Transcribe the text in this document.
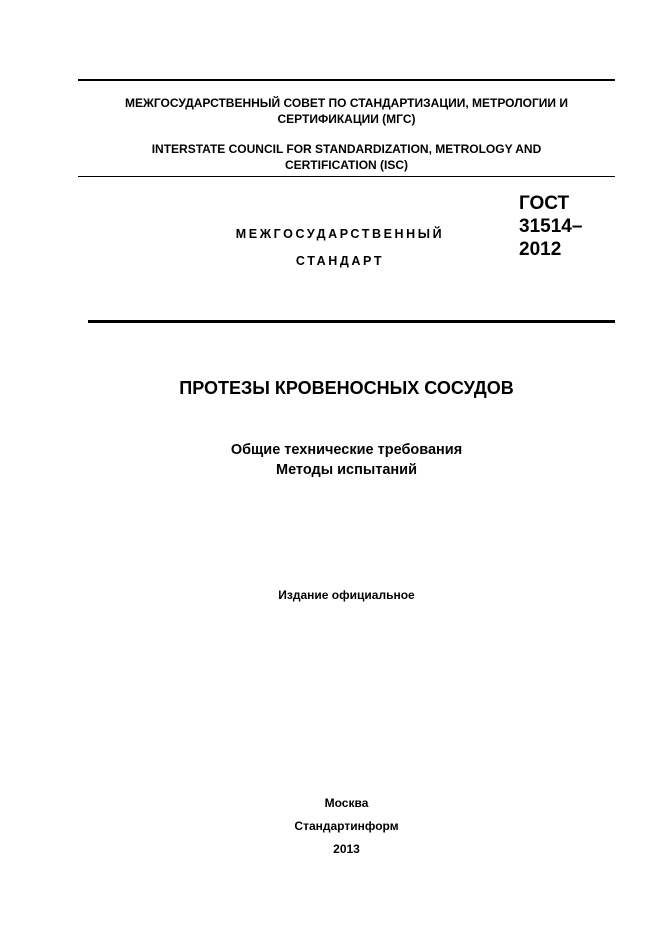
МЕЖГОСУДАРСТВЕННЫЙ СОВЕТ ПО СТАНДАРТИЗАЦИИ, МЕТРОЛОГИИ И
СЕРТИФИКАЦИИ (МГС)
INTERSTATE COUNCIL FOR STANDARDIZATION, METROLOGY AND
CERTIFICATION (ISC)
МЕЖГОСУДАРСТВЕННЫЙ
СТАНДАРТ
ГОСТ
31514–
2012
ПРОТЕЗЫ КРОВЕНОСНЫХ СОСУДОВ
Общие технические требования
Методы испытаний
Издание официальное
Москва
Стандартинформ
2013
